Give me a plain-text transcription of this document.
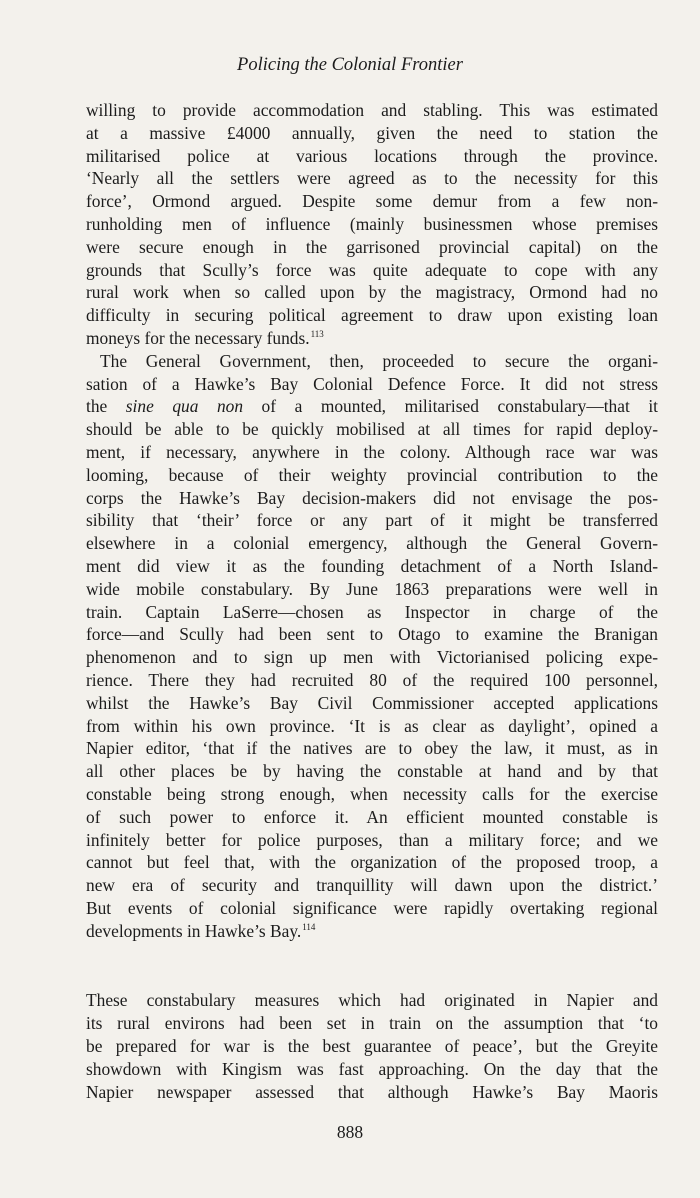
Policing the Colonial Frontier
willing to provide accommodation and stabling. This was estimated
at a massive £4000 annually, given the need to station the
militarised police at various locations through the province.
‘Nearly all the settlers were agreed as to the necessity for this
force’, Ormond argued. Despite some demur from a few non-
runholding men of influence (mainly businessmen whose premises
were secure enough in the garrisoned provincial capital) on the
grounds that Scully’s force was quite adequate to cope with any
rural work when so called upon by the magistracy, Ormond had no
difficulty in securing political agreement to draw upon existing loan
moneys for the necessary funds.$^{113}$
The General Government, then, proceeded to secure the organi-
sation of a Hawke’s Bay Colonial Defence Force. It did not stress
the sine qua non of a mounted, militarised constabulary—that it
should be able to be quickly mobilised at all times for rapid deploy-
ment, if necessary, anywhere in the colony. Although race war was
looming, because of their weighty provincial contribution to the
corps the Hawke’s Bay decision-makers did not envisage the pos-
sibility that ‘their’ force or any part of it might be transferred
elsewhere in a colonial emergency, although the General Govern-
ment did view it as the founding detachment of a North Island-
wide mobile constabulary. By June 1863 preparations were well in
train. Captain LaSerre—chosen as Inspector in charge of the
force—and Scully had been sent to Otago to examine the Branigan
phenomenon and to sign up men with Victorianised policing expe-
rience. There they had recruited 80 of the required 100 personnel,
whilst the Hawke’s Bay Civil Commissioner accepted applications
from within his own province. ‘It is as clear as daylight’, opined a
Napier editor, ‘that if the natives are to obey the law, it must, as in
all other places be by having the constable at hand and by that
constable being strong enough, when necessity calls for the exercise
of such power to enforce it. An efficient mounted constable is
infinitely better for police purposes, than a military force; and we
cannot but feel that, with the organization of the proposed troop, a
new era of security and tranquillity will dawn upon the district.’
But events of colonial significance were rapidly overtaking regional
developments in Hawke’s Bay.$^{114}$
These constabulary measures which had originated in Napier and
its rural environs had been set in train on the assumption that ‘to
be prepared for war is the best guarantee of peace’, but the Greyite
showdown with Kingism was fast approaching. On the day that the
Napier newspaper assessed that although Hawke’s Bay Maoris
888
